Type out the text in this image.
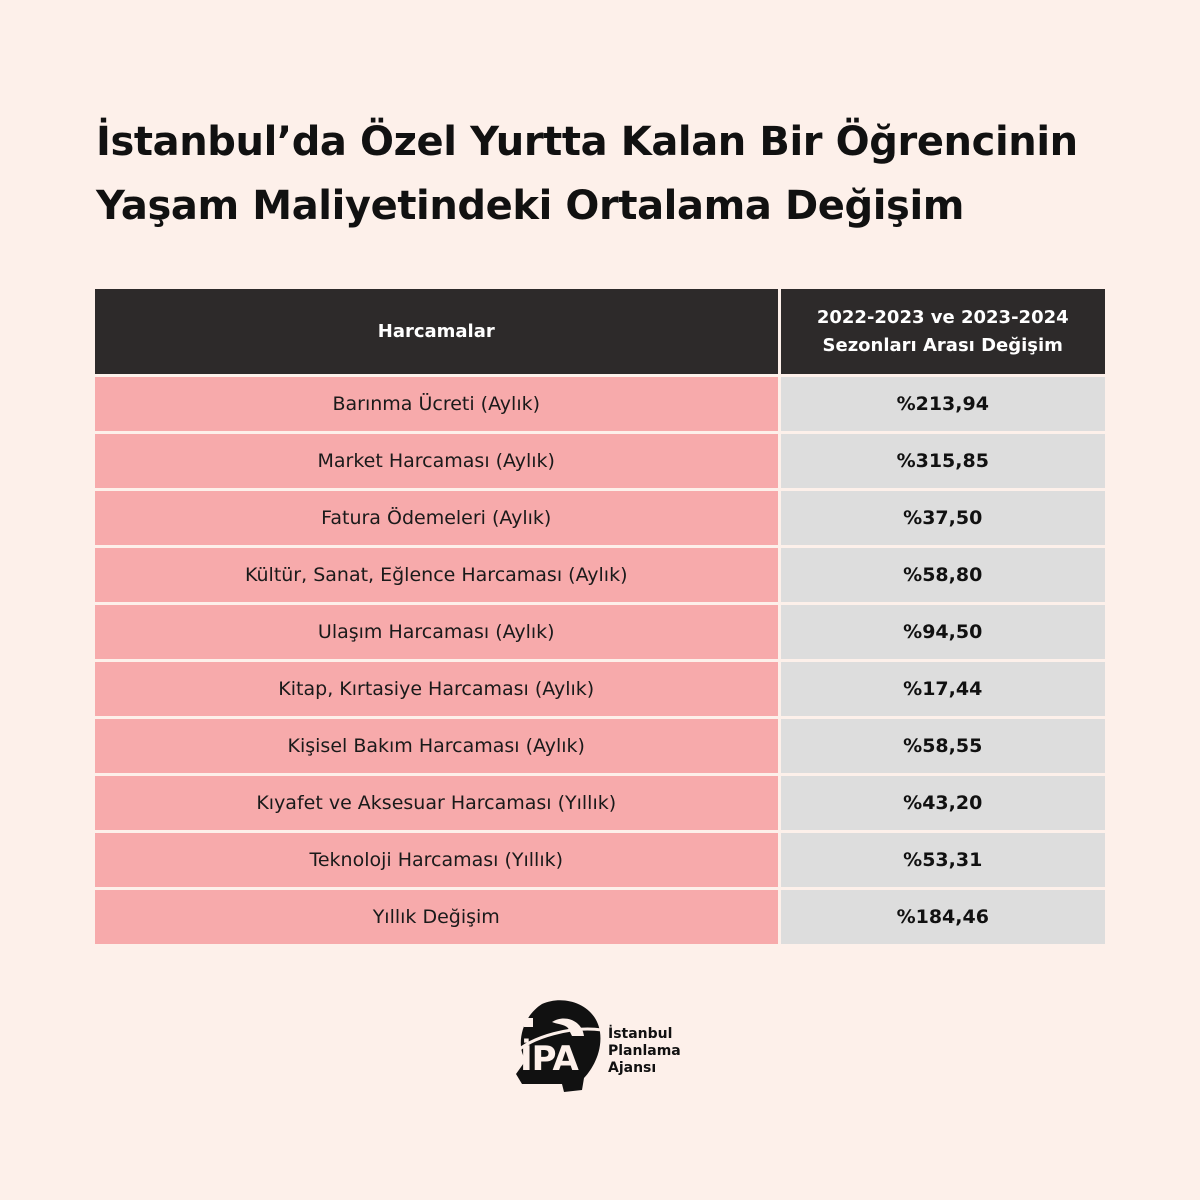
İstanbul’da Özel Yurtta Kalan Bir Öğrencinin
Yaşam Maliyetindeki Ortalama Değişim
Harcamalar	2022-2023 ve 2023-2024
Sezonları Arası Değişim

Barınma Ücreti (Aylık)	%213,94
Market Harcaması (Aylık)	%315,85
Fatura Ödemeleri (Aylık)	%37,50
Kültür, Sanat, Eğlence Harcaması (Aylık)	%58,80
Ulaşım Harcaması (Aylık)	%94,50
Kitap, Kırtasiye Harcaması (Aylık)	%17,44
Kişisel Bakım Harcaması (Aylık)	%58,55
Kıyafet ve Aksesuar Harcaması (Yıllık)	%43,20
Teknoloji Harcaması (Yıllık)	%53,31
Yıllık Değişim	%184,46
İPA
İstanbul
Planlama
Ajansı
